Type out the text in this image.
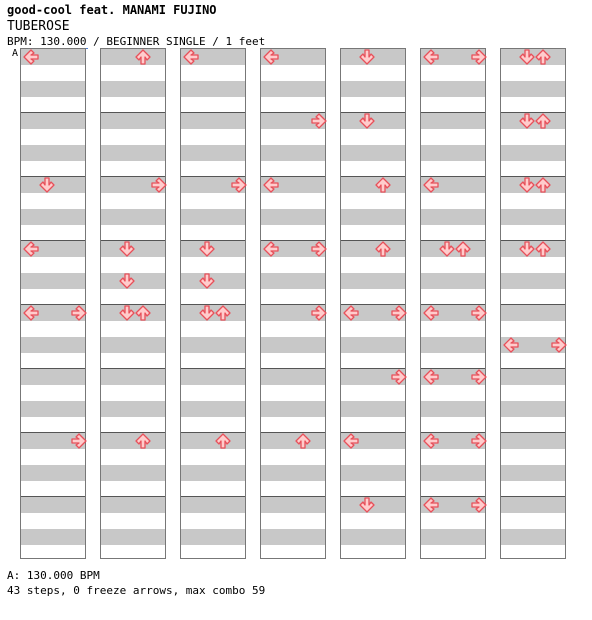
good-cool feat. MANAMI FUJINO
TUBEROSE
BPM: 130.000 / BEGINNER SINGLE / 1 feet
A
A: 130.000 BPM
43 steps, 0 freeze arrows, max combo 59
